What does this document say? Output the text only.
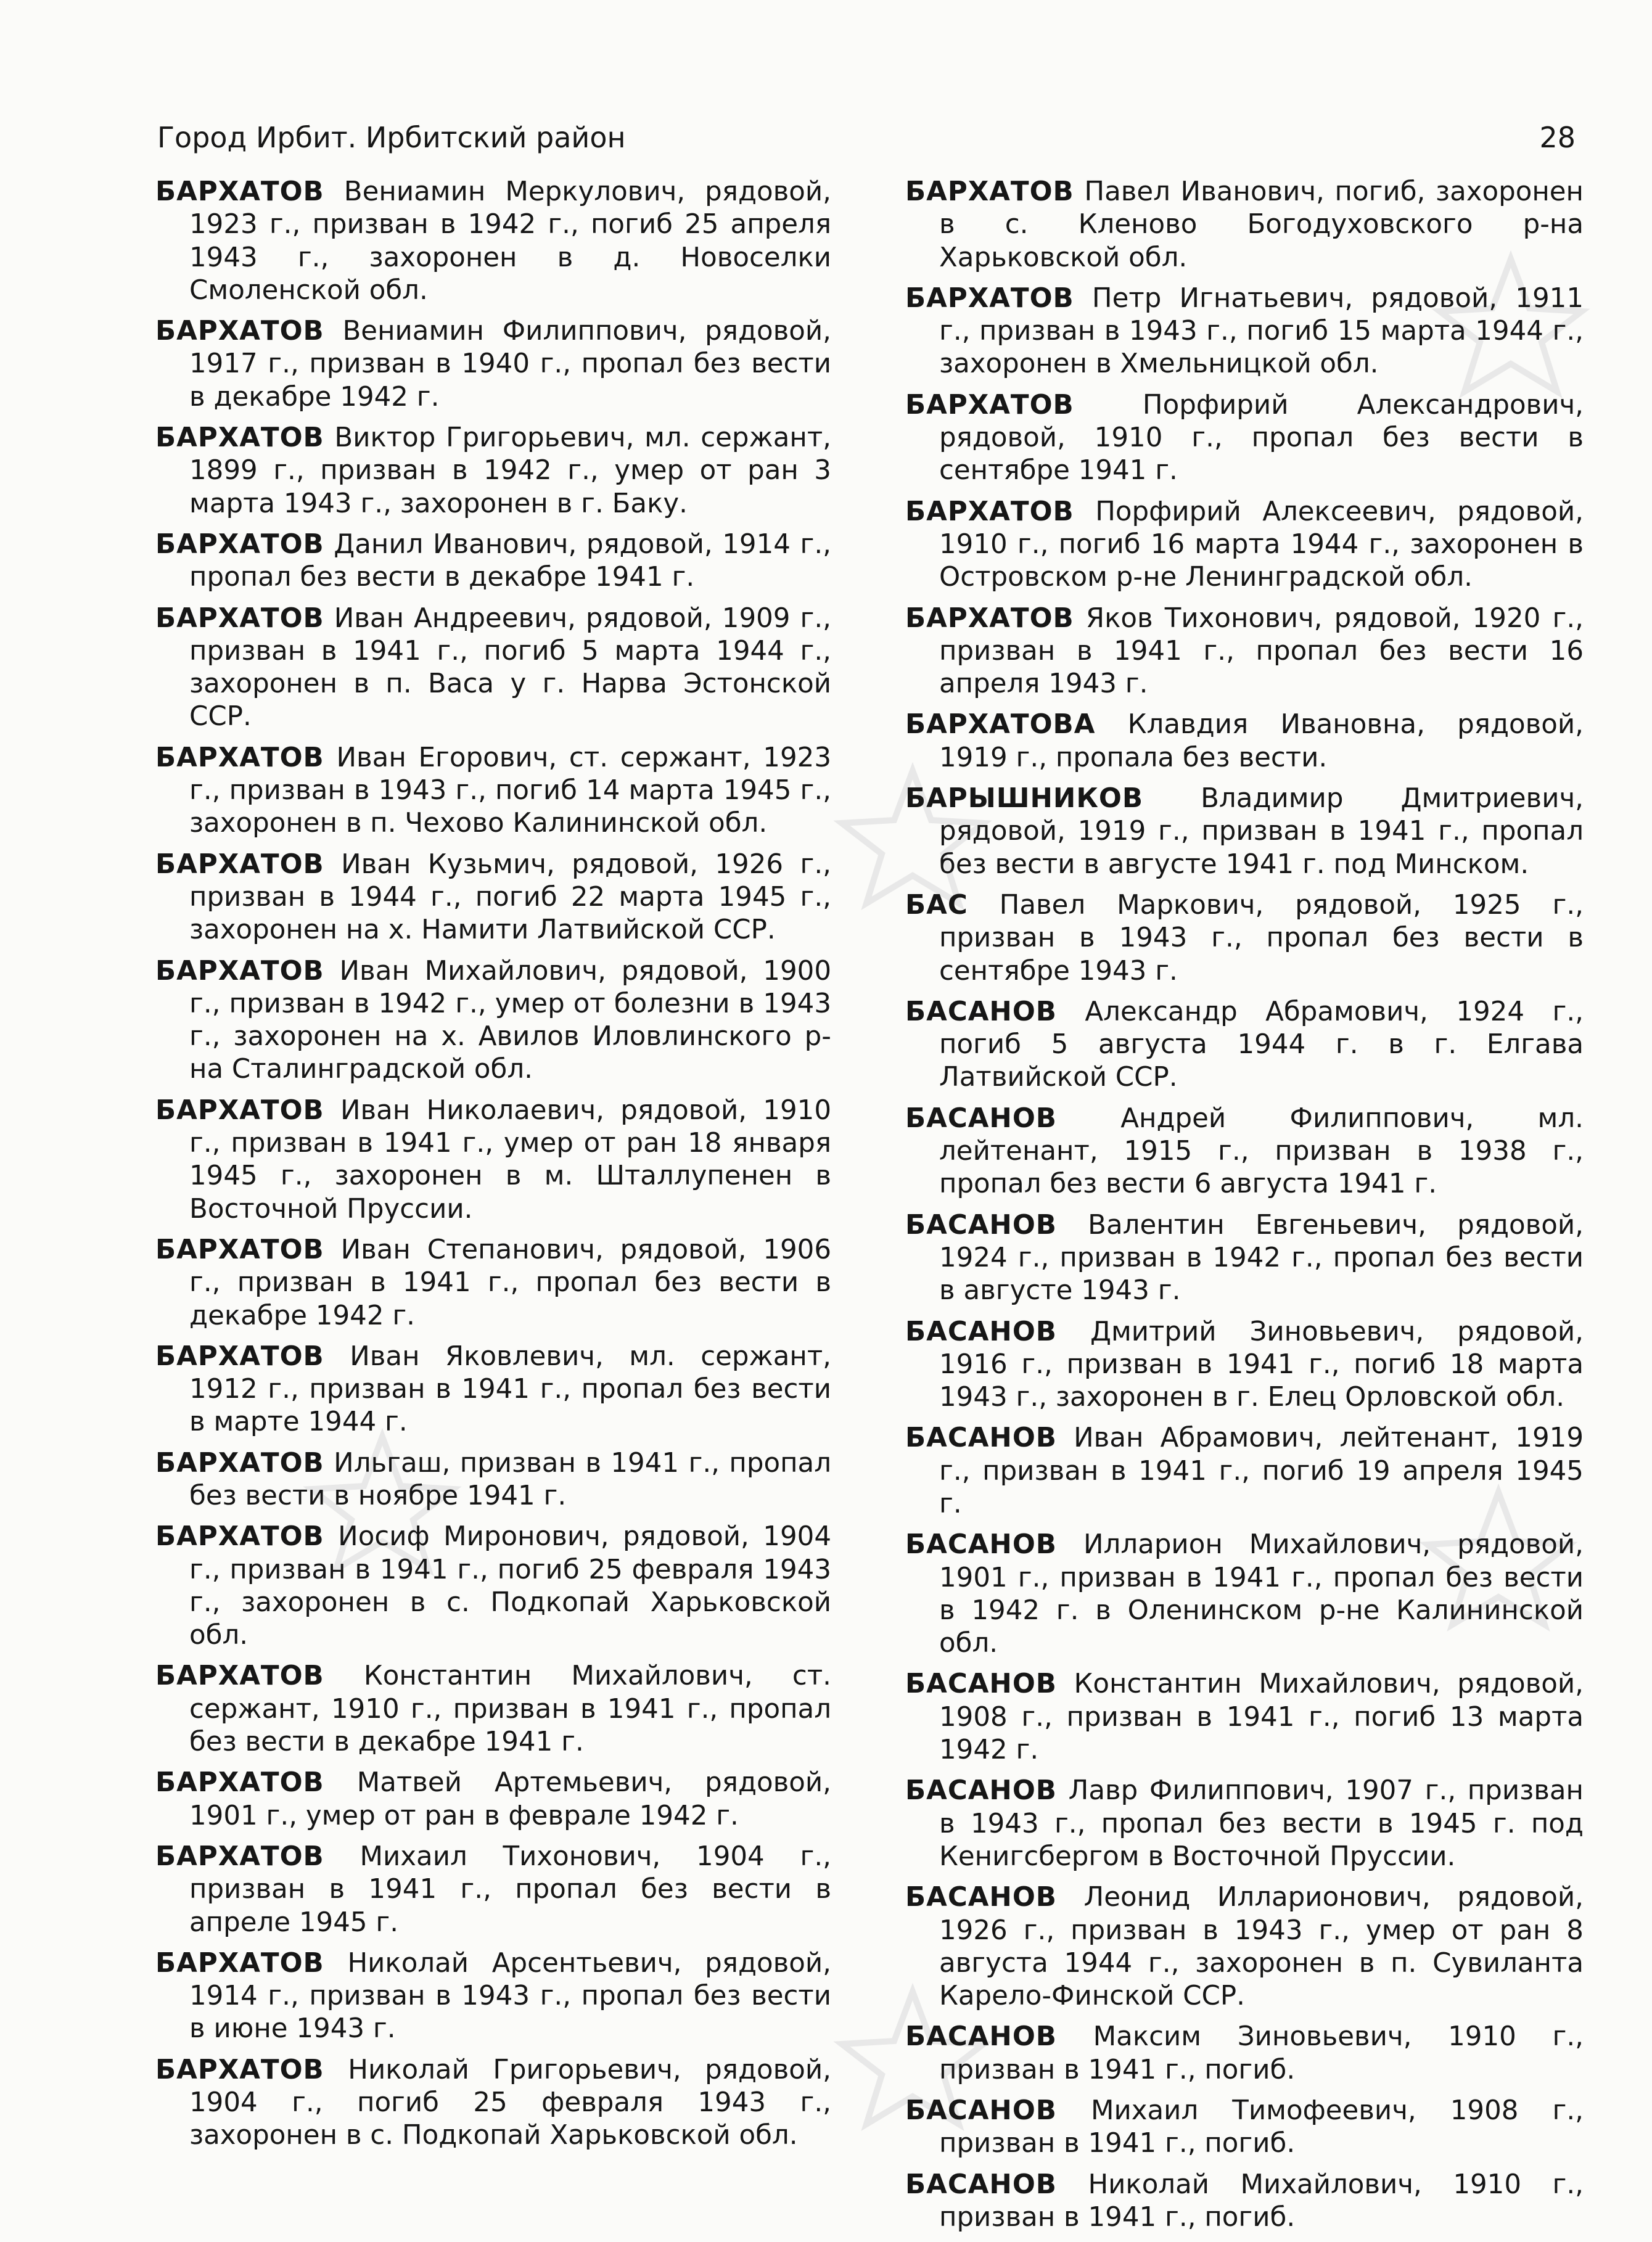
Город Ирбит. Ирбитский район	28

БАРХАТОВ Вениамин Меркулович, рядовой, 1923 г., призван в 1942 г., погиб 25 апреля 1943 г., захоронен в д. Новоселки Смоленской обл.

БАРХАТОВ Вениамин Филиппович, рядовой, 1917 г., призван в 1940 г., пропал без вести в декабре 1942 г.

БАРХАТОВ Виктор Григорьевич, мл. сержант, 1899 г., призван в 1942 г., умер от ран 3 марта 1943 г., захоронен в г. Баку.

БАРХАТОВ Данил Иванович, рядовой, 1914 г., пропал без вести в декабре 1941 г.

БАРХАТОВ Иван Андреевич, рядовой, 1909 г., призван в 1941 г., погиб 5 марта 1944 г., захоронен в п. Васа у г. Нарва Эстонской ССР.

БАРХАТОВ Иван Егорович, ст. сержант, 1923 г., призван в 1943 г., погиб 14 марта 1945 г., захоронен в п. Чехово Калининской обл.

БАРХАТОВ Иван Кузьмич, рядовой, 1926 г., призван в 1944 г., погиб 22 марта 1945 г., захоронен на х. Намити Латвийской ССР.

БАРХАТОВ Иван Михайлович, рядовой, 1900 г., призван в 1942 г., умер от болезни в 1943 г., захоронен на х. Авилов Иловлинского р-на Сталинградской обл.

БАРХАТОВ Иван Николаевич, рядовой, 1910 г., призван в 1941 г., умер от ран 18 января 1945 г., захоронен в м. Шталлупенен в Восточной Пруссии.

БАРХАТОВ Иван Степанович, рядовой, 1906 г., призван в 1941 г., пропал без вести в декабре 1942 г.

БАРХАТОВ Иван Яковлевич, мл. сержант, 1912 г., призван в 1941 г., пропал без вести в марте 1944 г.

БАРХАТОВ Ильгаш, призван в 1941 г., пропал без вести в ноябре 1941 г.

БАРХАТОВ Иосиф Миронович, рядовой, 1904 г., призван в 1941 г., погиб 25 февраля 1943 г., захоронен в с. Подкопай Харьковской обл.

БАРХАТОВ Константин Михайлович, ст. сержант, 1910 г., призван в 1941 г., пропал без вести в декабре 1941 г.

БАРХАТОВ Матвей Артемьевич, рядовой, 1901 г., умер от ран в феврале 1942 г.

БАРХАТОВ Михаил Тихонович, 1904 г., призван в 1941 г., пропал без вести в апреле 1945 г.

БАРХАТОВ Николай Арсентьевич, рядовой, 1914 г., призван в 1943 г., пропал без вести в июне 1943 г.

БАРХАТОВ Николай Григорьевич, рядовой, 1904 г., погиб 25 февраля 1943 г., захоронен в с. Подкопай Харьковской обл.

БАРХАТОВ Павел Иванович, погиб, захоронен в с. Кленово Богодуховского р-на Харьковской обл.

БАРХАТОВ Петр Игнатьевич, рядовой, 1911 г., призван в 1943 г., погиб 15 марта 1944 г., захоронен в Хмельницкой обл.

БАРХАТОВ	Порфирий Александрович, рядовой, 1910 г., пропал без вести в сентябре 1941 г.

БАРХАТОВ Порфирий Алексеевич, рядовой, 1910 г., погиб 16 марта 1944 г., захоронен в Островском р-не Ленинградской обл.

БАРХАТОВ Яков Тихонович, рядовой, 1920 г., призван в 1941 г., пропал без вести 16 апреля 1943 г.

БАРХАТОВА Клавдия Ивановна, рядовой, 1919 г., пропала без вести.

БАРЫШНИКОВ Владимир Дмитриевич, рядовой, 1919 г., призван в 1941 г., пропал без вести в августе 1941 г. под Минском.

БАС Павел Маркович, рядовой, 1925 г., призван в 1943 г., пропал без вести в сентябре 1943 г.

БАСАНОВ Александр Абрамович, 1924 г., погиб 5 августа 1944 г. в г. Елгава Латвийской ССР.

БАСАНОВ Андрей Филиппович, мл. лейтенант, 1915 г., призван в 1938 г., пропал без вести 6 августа 1941 г.

БАСАНОВ Валентин Евгеньевич, рядовой, 1924 г., призван в 1942 г., пропал без вести в августе 1943 г.

БАСАНОВ Дмитрий Зиновьевич, рядовой, 1916 г., призван в 1941 г., погиб 18 марта 1943 г., захоронен в г. Елец Орловской обл.

БАСАНОВ Иван Абрамович, лейтенант, 1919 г., призван в 1941 г., погиб 19 апреля 1945 г.

БАСАНОВ Илларион Михайлович, рядовой, 1901 г., призван в 1941 г., пропал без вести в 1942 г. в Оленинском р-не Калининской обл.

БАСАНОВ Константин Михайлович, рядовой, 1908 г., призван в 1941 г., погиб 13 марта 1942 г.

БАСАНОВ Лавр Филиппович, 1907 г., призван в 1943 г., пропал без вести в 1945 г. под Кенигсбергом в Восточной Пруссии.

БАСАНОВ Леонид Илларионович, рядовой, 1926 г., призван в 1943 г., умер от ран 8 августа 1944 г., захоронен в п. Сувиланта Карело-Финской ССР.

БАСАНОВ Максим Зиновьевич, 1910 г., призван в 1941 г., погиб.

БАСАНОВ Михаил Тимофеевич, 1908 г., призван в 1941 г., погиб.

БАСАНОВ Николай Михайлович, 1910 г., призван в 1941 г., погиб.
